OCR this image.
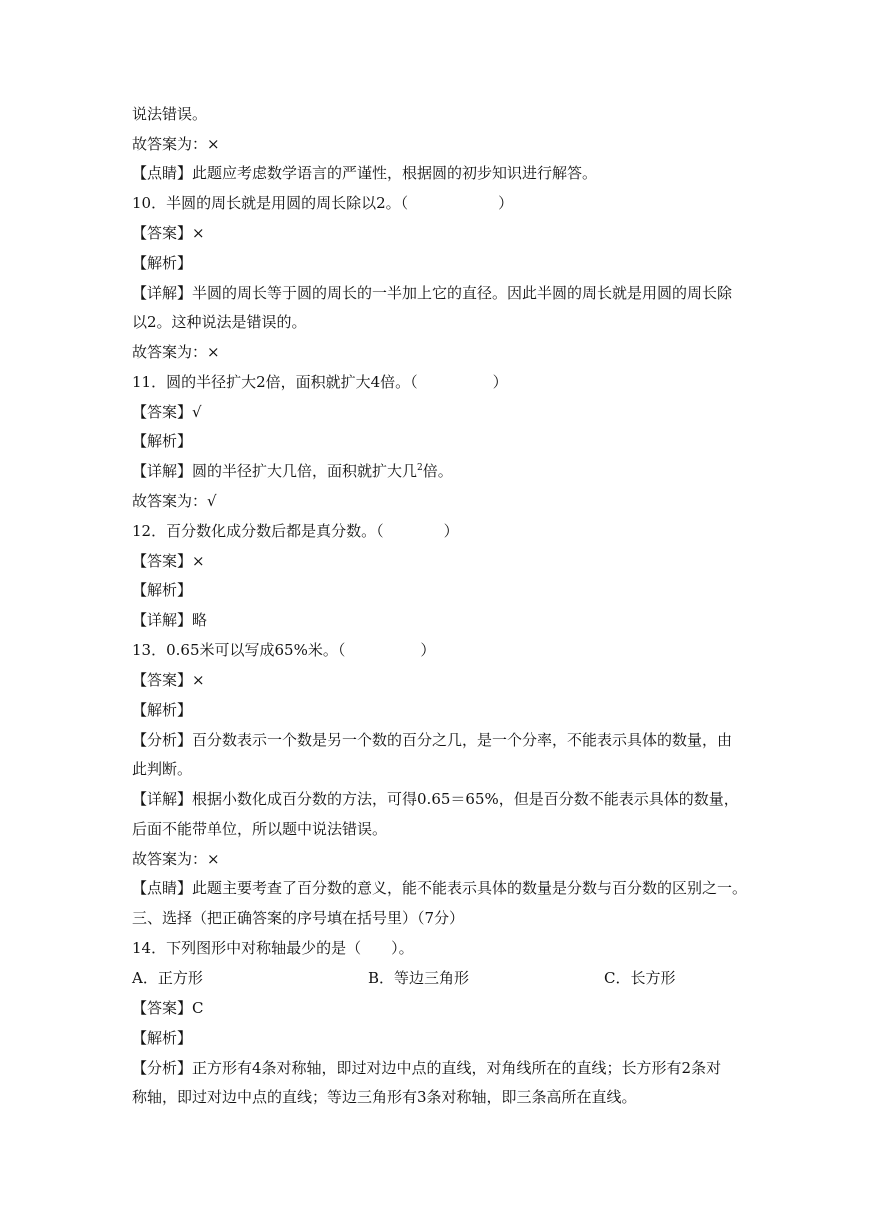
说法错误。
故答案为：×
【点睛】此题应考虑数学语言的严谨性，根据圆的初步知识进行解答。
10．半圆的周长就是用圆的周长除以2。（　　　　　　）
【答案】×
【解析】
【详解】半圆的周长等于圆的周长的一半加上它的直径。因此半圆的周长就是用圆的周长除
以2。这种说法是错误的。
故答案为：×
11．圆的半径扩大2倍，面积就扩大4倍。（　　　　　）
【答案】√
【解析】
【详解】圆的半径扩大几倍，面积就扩大几$^2$倍。
故答案为：√
12．百分数化成分数后都是真分数。（　　　　）
【答案】×
【解析】
【详解】略
13．0.65米可以写成65%米。（　　　　　）
【答案】×
【解析】
【分析】百分数表示一个数是另一个数的百分之几，是一个分率，不能表示具体的数量，由
此判断。
【详解】根据小数化成百分数的方法，可得0.65＝65%，但是百分数不能表示具体的数量，
后面不能带单位，所以题中说法错误。
故答案为：×
【点睛】此题主要考查了百分数的意义，能不能表示具体的数量是分数与百分数的区别之一。
三、选择（把正确答案的序号填在括号里）（7分）
14．下列图形中对称轴最少的是（　　）。
A．正方形	B．等边三角形	C．长方形
【答案】C
【解析】
【分析】正方形有4条对称轴，即过对边中点的直线，对角线所在的直线；长方形有2条对
称轴，即过对边中点的直线；等边三角形有3条对称轴，即三条高所在直线。
